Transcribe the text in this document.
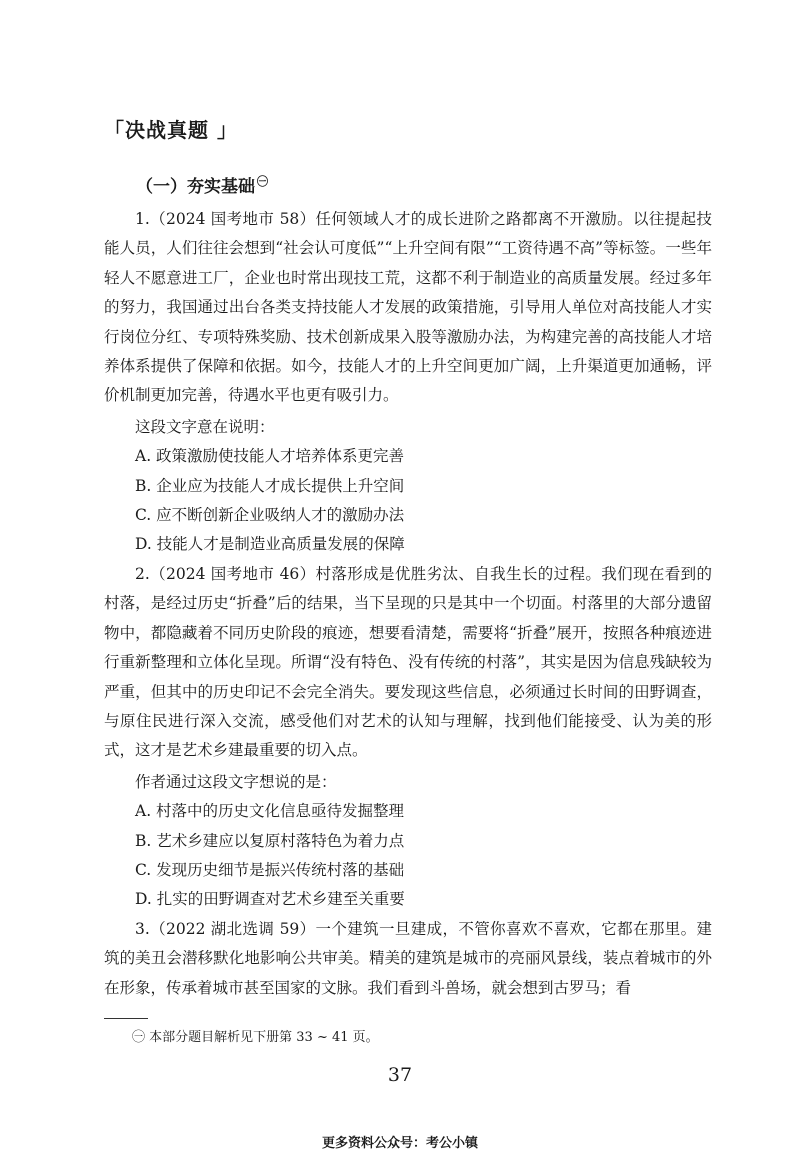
「决战真题 」
（一）夯实基础 $^㊀$

1.（2024 国考地市 58）任何领域人才的成长进阶之路都离不开激励。以往提起技能人员，人们往往会想到“社会认可度低”“上升空间有限”“工资待遇不高”等标签。一些年轻人不愿意进工厂，企业也时常出现技工荒，这都不利于制造业的高质量发展。经过多年的努力，我国通过出台各类支持技能人才发展的政策措施，引导用人单位对高技能人才实行岗位分红、专项特殊奖励、技术创新成果入股等激励办法，为构建完善的高技能人才培养体系提供了保障和依据。如今，技能人才的上升空间更加广阔，上升渠道更加通畅，评价机制更加完善，待遇水平也更有吸引力。

这段文字意在说明：

A. 政策激励使技能人才培养体系更完善

B. 企业应为技能人才成长提供上升空间

C. 应不断创新企业吸纳人才的激励办法

D. 技能人才是制造业高质量发展的保障

2.（2024 国考地市 46）村落形成是优胜劣汰、自我生长的过程。我们现在看到的村落，是经过历史“折叠”后的结果，当下呈现的只是其中一个切面。村落里的大部分遗留物中，都隐藏着不同历史阶段的痕迹，想要看清楚，需要将“折叠”展开，按照各种痕迹进行重新整理和立体化呈现。所谓“没有特色、没有传统的村落”，其实是因为信息残缺较为严重，但其中的历史印记不会完全消失。要发现这些信息，必须通过长时间的田野调查，与原住民进行深入交流，感受他们对艺术的认知与理解，找到他们能接受、认为美的形式，这才是艺术乡建最重要的切入点。

作者通过这段文字想说的是：

A. 村落中的历史文化信息亟待发掘整理

B. 艺术乡建应以复原村落特色为着力点

C. 发现历史细节是振兴传统村落的基础

D. 扎实的田野调查对艺术乡建至关重要

3.（2022 湖北选调 59）一个建筑一旦建成，不管你喜欢不喜欢，它都在那里。建筑的美丑会潜移默化地影响公共审美。精美的建筑是城市的亮丽风景线，装点着城市的外在形象，传承着城市甚至国家的文脉。我们看到斗兽场，就会想到古罗马；看

㊀ 本部分题目解析见下册第 33 ~ 41 页。
37
更多资料公众号：考公小镇
